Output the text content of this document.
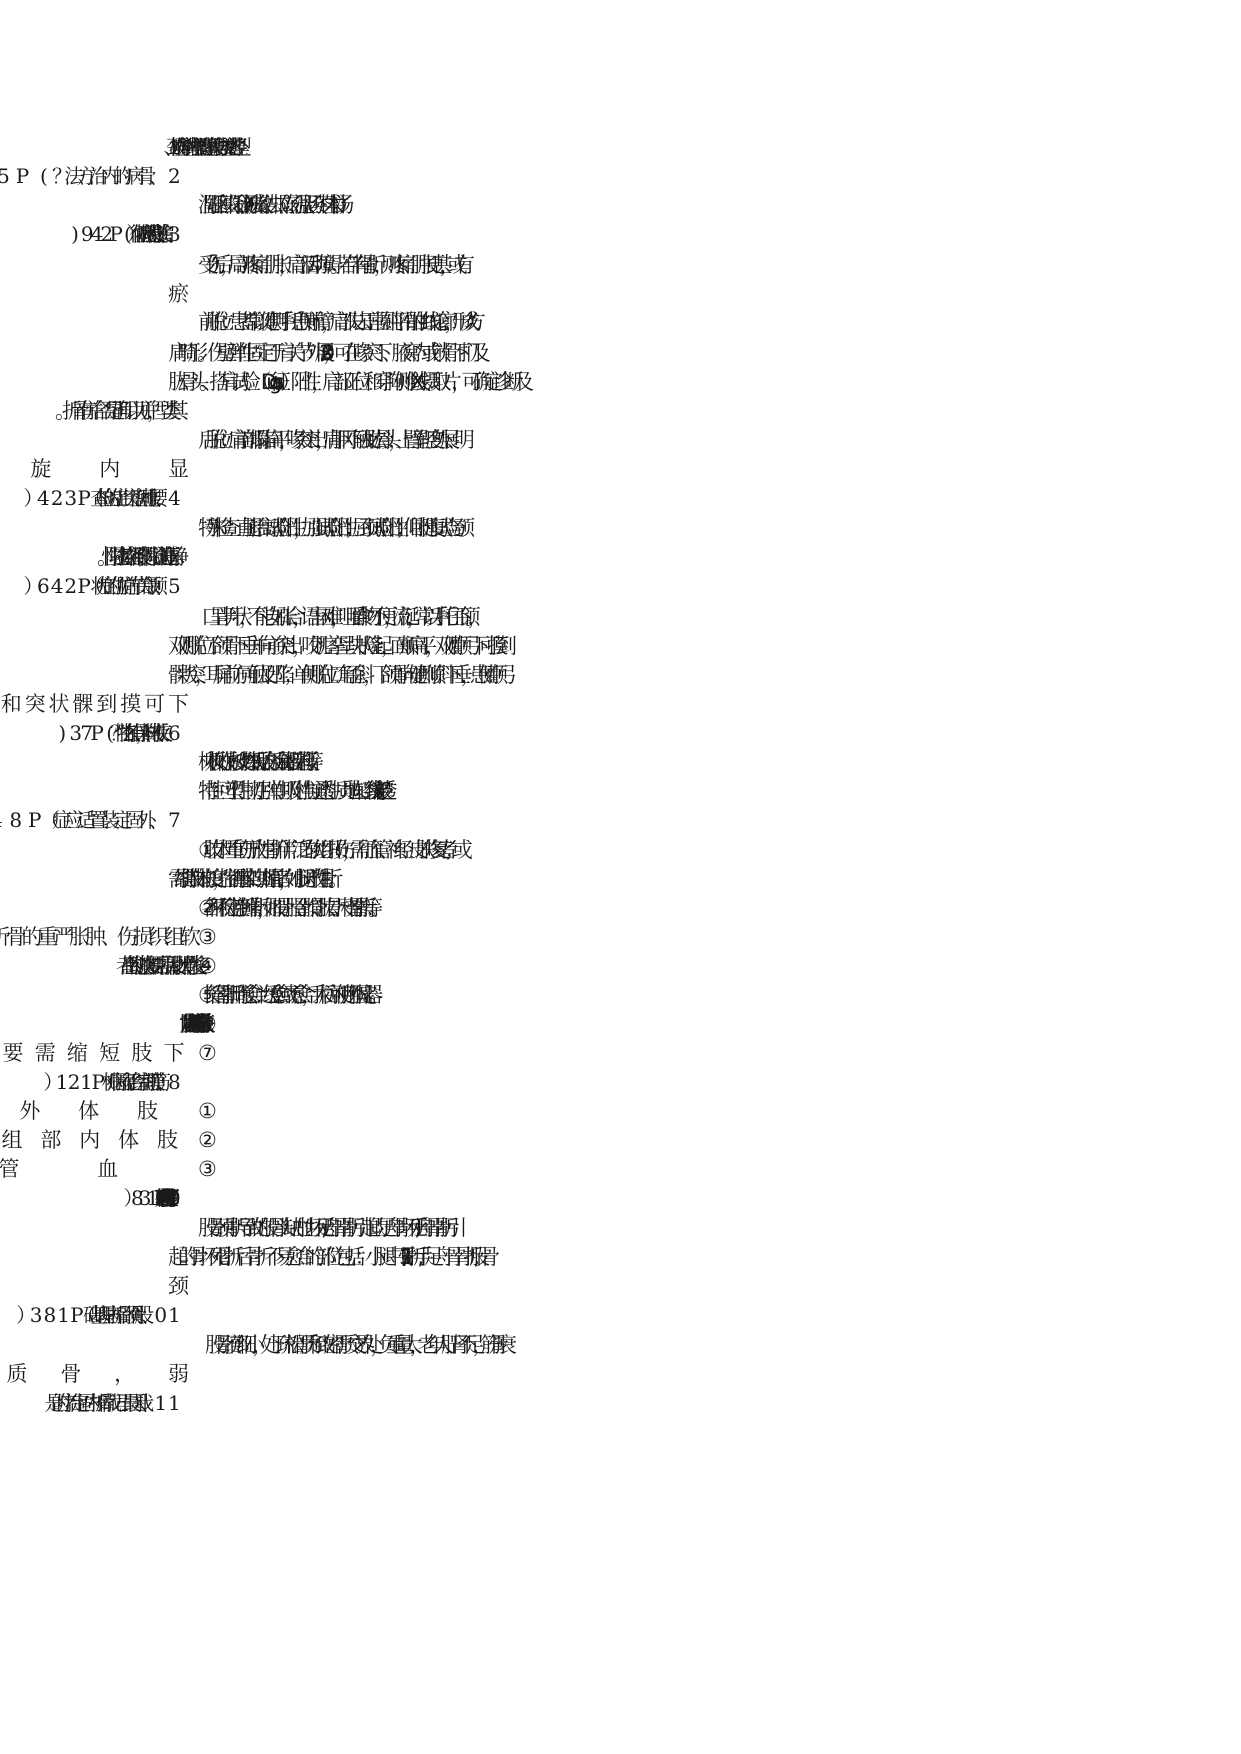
1、颈椎病分型：神经根型、脊髓型、椎动脉型、交感神经型
温阳驱寒法（阳和汤）、祛痰散结法（二陈汤、温胆汤、苓桂术甘汤）
受伤后，局部疼痛、肿胀，肩部活动障碍。若伴有骨折，则疼痛、肿胀更甚，或有
前脱位：患者常以健侧手托患侧前臂，肩部失去正常圆钝平滑的曲线轮廓，形成“方
肩”畸形。伤璧弹性固定于肩关节外展 20°-30°，可在喙突下、腋窝内或锁骨下扪及
肱骨头。搭肩试验（Dugas 征）阳性，肩部正位和穿胸侧位 X 线摄取片，可确定诊断及
后脱位：肩前部塌陷扁平，喙突突出，肩胛冈下触及肱骨头，上臂呈轻度外展、明
特殊检查：直腿抬高试验阳性，加强试验阳性；屈颈试验阳性；仰卧挺腹试验与颈
口呈半开状，不能自如张合，语言困难，咀嚼食物不便，流涎，常以手托住下颌，。
双侧脱位下颌骨下垂并向前突出，咬肌痉挛呈块状隆起，面颊扁平，双侧颧弓下可摸到
髁状突，耳屏前方可触及凹陷；单侧脱位口角歪斜，下颌骨向健侧倾斜下垂，患侧颧弓
柳木板、竹板、杉树皮、厚纸板、胶合板、金属铝板、塑料板等。
特性：可塑性、韧性、弹性、吸附性与通透性、质地宜轻、能被 X 线穿透
①肢体严重的开放性骨折伴广泛的软组织损伤，需行血管、神经、皮肤修复者；或
需维持肢体的长度，控制骨感染的二期植骨者，如小腿开放性骨折。
②各种不稳定性新鲜骨折，如股骨、胫骨、髌骨、肱骨、尺桡骨骨折等。
⑤长管骨骨折畸形愈合、迟缓愈合或不愈合，手术后亦可使用外固定器。
股骨颈骨折导致的股骨头缺血性坏死,足舟骨骨折引起的足舟骨坏死,手舟骨骨折引
起的骨坏死.骨折后骨折不易愈合的部位包括：小腿中下 1/3 骨折,手足舟骨骨折,股骨
股骨颈部细小，处于疏松骨质和致密骨质交界处，负重量大，老年人肝肾不足，筋骨衰
